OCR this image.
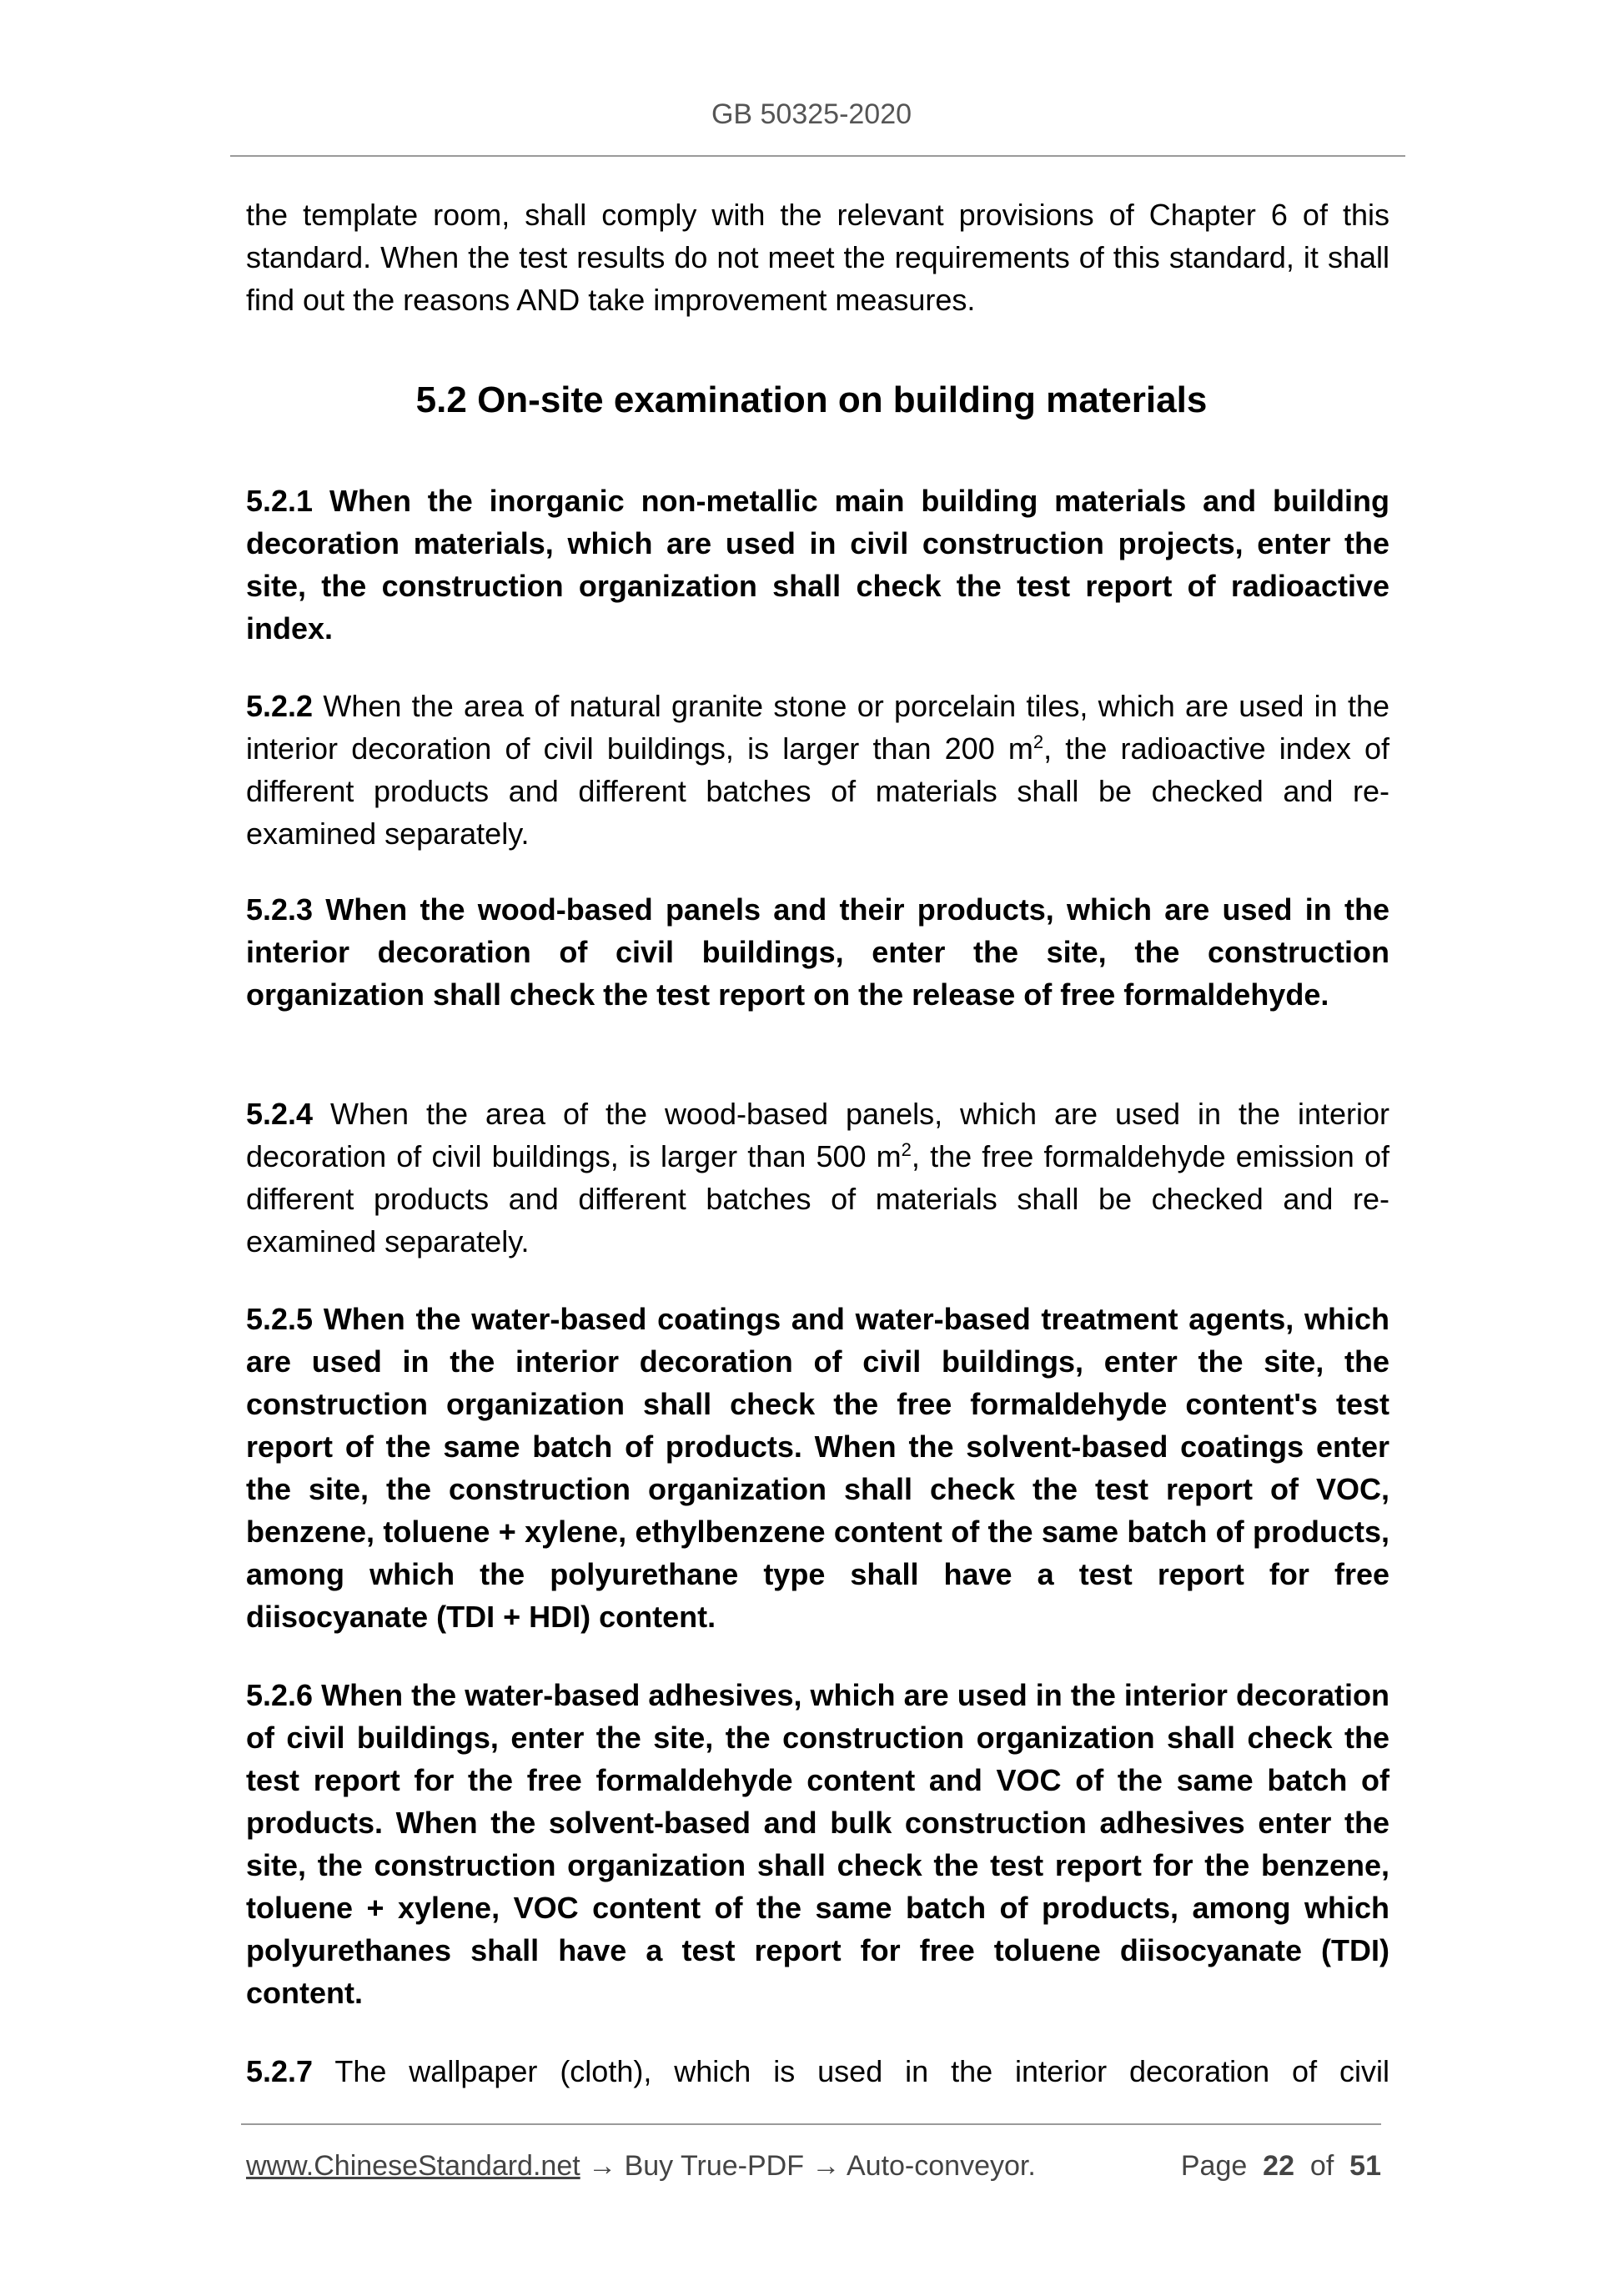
GB 50325-2020
the template room, shall comply with the relevant provisions of Chapter 6 of this standard. When the test results do not meet the requirements of this standard, it shall find out the reasons AND take improvement measures.
5.2 On-site examination on building materials
5.2.1 When the inorganic non-metallic main building materials and building decoration materials, which are used in civil construction projects, enter the site, the construction organization shall check the test report of radioactive index.
5.2.2 When the area of natural granite stone or porcelain tiles, which are used in the interior decoration of civil buildings, is larger than 200 $m^2$, the radioactive index of different products and different batches of materials shall be checked and re-examined separately.
5.2.3 When the wood-based panels and their products, which are used in the interior decoration of civil buildings, enter the site, the construction organization shall check the test report on the release of free formaldehyde.
5.2.4 When the area of the wood-based panels, which are used in the interior decoration of civil buildings, is larger than 500 $m^2$, the free formaldehyde emission of different products and different batches of materials shall be checked and re-examined separately.
5.2.5 When the water-based coatings and water-based treatment agents, which are used in the interior decoration of civil buildings, enter the site, the construction organization shall check the free formaldehyde content's test report of the same batch of products. When the solvent-based coatings enter the site, the construction organization shall check the test report of VOC, benzene, toluene + xylene, ethylbenzene content of the same batch of products, among which the polyurethane type shall have a test report for free diisocyanate (TDI + HDI) content.
5.2.6 When the water-based adhesives, which are used in the interior decoration of civil buildings, enter the site, the construction organization shall check the test report for the free formaldehyde content and VOC of the same batch of products. When the solvent-based and bulk construction adhesives enter the site, the construction organization shall check the test report for the benzene, toluene + xylene, VOC content of the same batch of products, among which polyurethanes shall have a test report for free toluene diisocyanate (TDI) content.
5.2.7 The wallpaper (cloth), which is used in the interior decoration of civil
www.ChineseStandard.net → Buy True-PDF → Auto-conveyor.	Page 22 of 51
